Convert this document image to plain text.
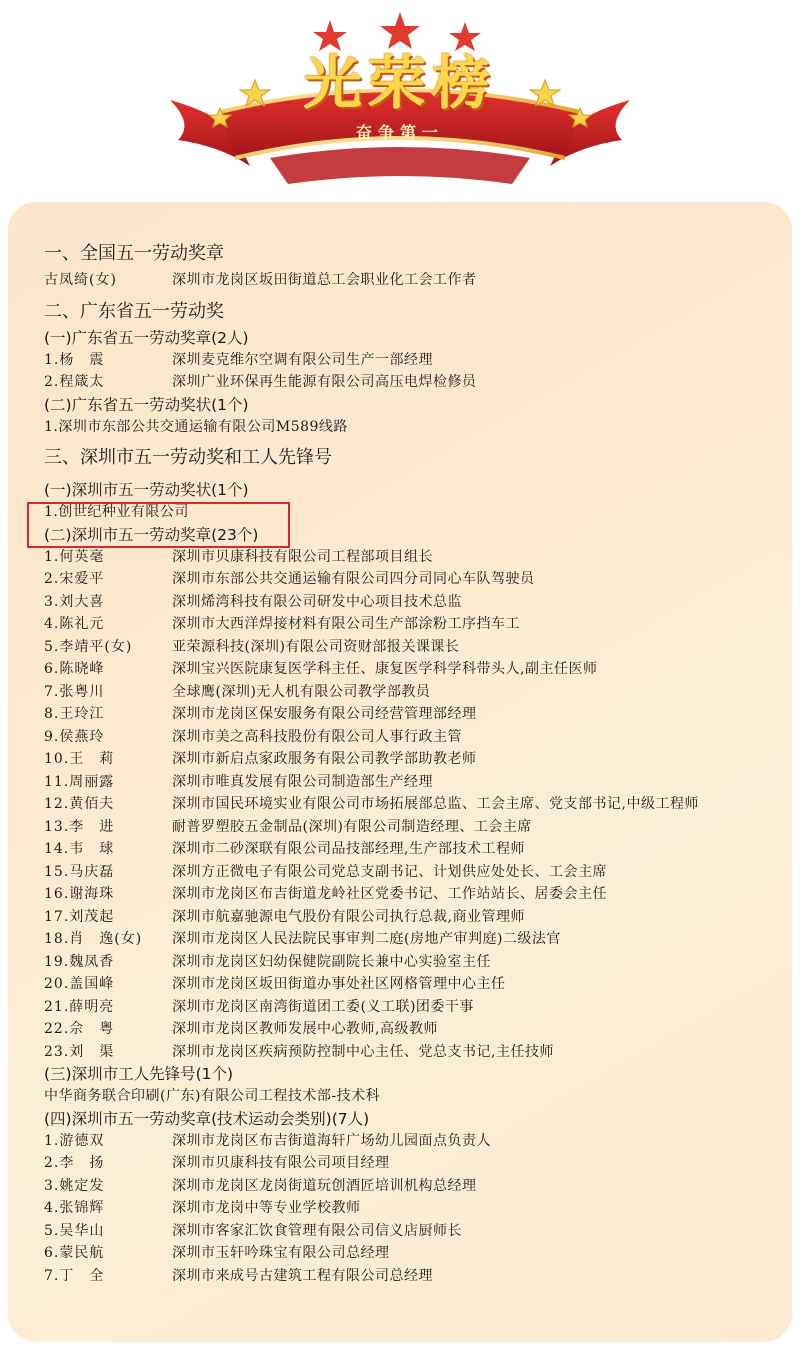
光荣榜
奋争第一
一、全国五一劳动奖章
古凤绮(女)	深圳市龙岗区坂田街道总工会职业化工会工作者
二、广东省五一劳动奖
(一)广东省五一劳动奖章(2人)
1.杨　震	深圳麦克维尔空调有限公司生产一部经理
2.程箴太	深圳广业环保再生能源有限公司高压电焊检修员
(二)广东省五一劳动奖状(1个)
1.深圳市东部公共交通运输有限公司M589线路
三、深圳市五一劳动奖和工人先锋号
(一)深圳市五一劳动奖状(1个)
1.创世纪种业有限公司
(二)深圳市五一劳动奖章(23个)
1.何英毫	深圳市贝康科技有限公司工程部项目组长
2.宋爱平	深圳市东部公共交通运输有限公司四分司同心车队驾驶员
3.刘大喜	深圳烯湾科技有限公司研发中心项目技术总监
4.陈礼元	深圳市大西洋焊接材料有限公司生产部涂粉工序挡车工
5.李靖平(女)	亚荣源科技(深圳)有限公司资财部报关课课长
6.陈晓峰	深圳宝兴医院康复医学科主任、康复医学科学科带头人,副主任医师
7.张粤川	全球鹰(深圳)无人机有限公司教学部教员
8.王玲江	深圳市龙岗区保安服务有限公司经营管理部经理
9.侯燕玲	深圳市美之高科技股份有限公司人事行政主管
10.王　莉	深圳市新启点家政服务有限公司教学部助教老师
11.周丽露	深圳市唯真发展有限公司制造部生产经理
12.黄佰夫	深圳市国民环境实业有限公司市场拓展部总监、工会主席、党支部书记,中级工程师
13.李　进	耐普罗塑胶五金制品(深圳)有限公司制造经理、工会主席
14.韦　球	深圳市二砂深联有限公司品技部经理,生产部技术工程师
15.马庆磊	深圳方正微电子有限公司党总支副书记、计划供应处处长、工会主席
16.谢海珠	深圳市龙岗区布吉街道龙岭社区党委书记、工作站站长、居委会主任
17.刘茂起	深圳市航嘉驰源电气股份有限公司执行总裁,商业管理师
18.肖　逸(女)	深圳市龙岗区人民法院民事审判二庭(房地产审判庭)二级法官
19.魏凤香	深圳市龙岗区妇幼保健院副院长兼中心实验室主任
20.盖国峰	深圳市龙岗区坂田街道办事处社区网格管理中心主任
21.薛明亮	深圳市龙岗区南湾街道团工委(义工联)团委干事
22.佘　粤	深圳市龙岗区教师发展中心教师,高级教师
23.刘　渠	深圳市龙岗区疾病预防控制中心主任、党总支书记,主任技师
(三)深圳市工人先锋号(1个)
中华商务联合印刷(广东)有限公司工程技术部-技术科
(四)深圳市五一劳动奖章(技术运动会类别)(7人)
1.游德双	深圳市龙岗区布吉街道海轩广场幼儿园面点负责人
2.李　扬	深圳市贝康科技有限公司项目经理
3.姚定发	深圳市龙岗区龙岗街道玩创酒匠培训机构总经理
4.张锦辉	深圳市龙岗中等专业学校教师
5.吴华山	深圳市客家汇饮食管理有限公司信义店厨师长
6.蒙民航	深圳市玉轩吟珠宝有限公司总经理
7.丁　全	深圳市来成号古建筑工程有限公司总经理
